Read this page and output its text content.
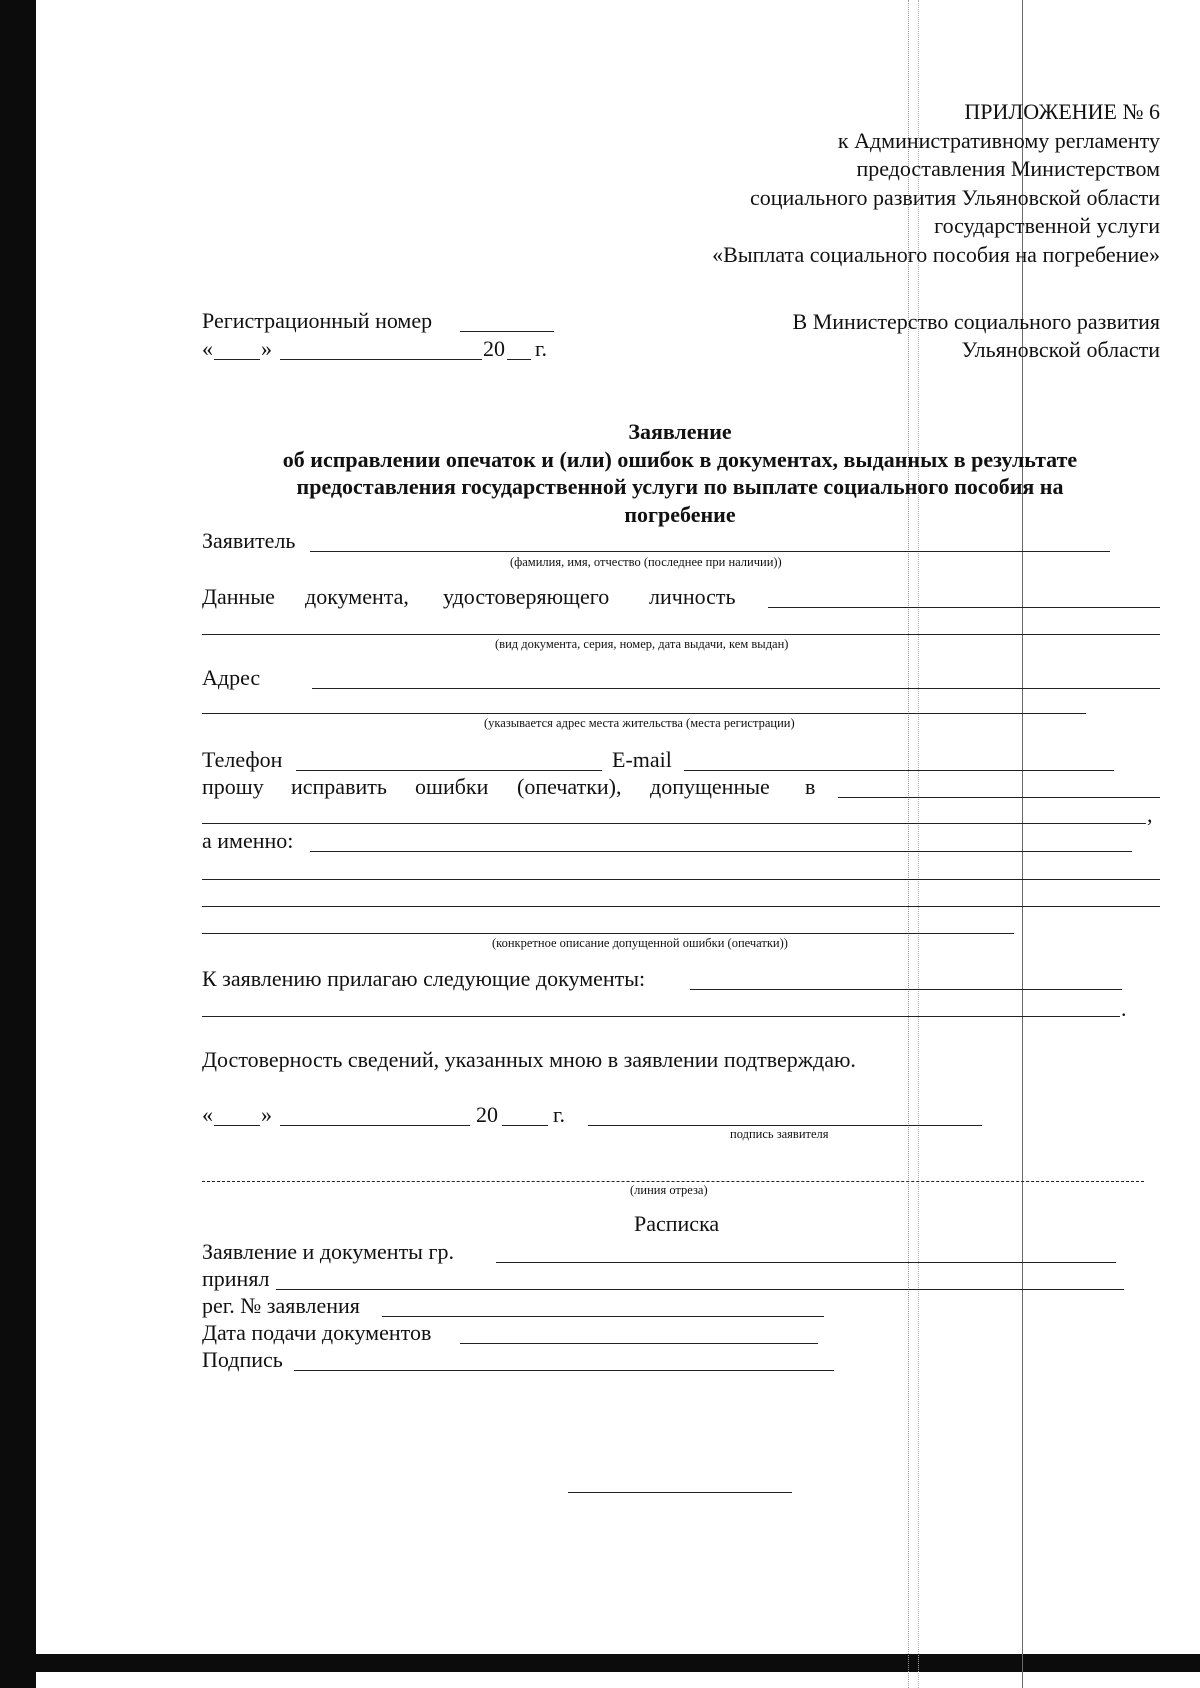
ПРИЛОЖЕНИЕ № 6
к Административному регламенту
предоставления Министерством
социального развития Ульяновской области
государственной услуги
«Выплата социального пособия на погребение»
Регистрационный номер
« »	20 г.
В Министерство социального развития
Ульяновской области
Заявление
об исправлении опечаток и (или) ошибок в документах, выданных в результате
предоставления государственной услуги по выплате социального пособия на
погребение
Заявитель
(фамилия, имя, отчество (последнее при наличии))
Данные документа, удостоверяющего личность
(вид документа, серия, номер, дата выдачи, кем выдан)
Адрес
(указывается адрес места жительства (места регистрации)
Телефон	E-mail
прошу исправить ошибки (опечатки), допущенные в
,
а именно:
(конкретное описание допущенной ошибки (опечатки))
К заявлению прилагаю следующие документы:
.
Достоверность сведений, указанных мною в заявлении подтверждаю.
« »	20	г.
подпись заявителя
(линия отреза)
Расписка
Заявление и документы гр.
принял
рег. № заявления
Дата подачи документов
Подпись
